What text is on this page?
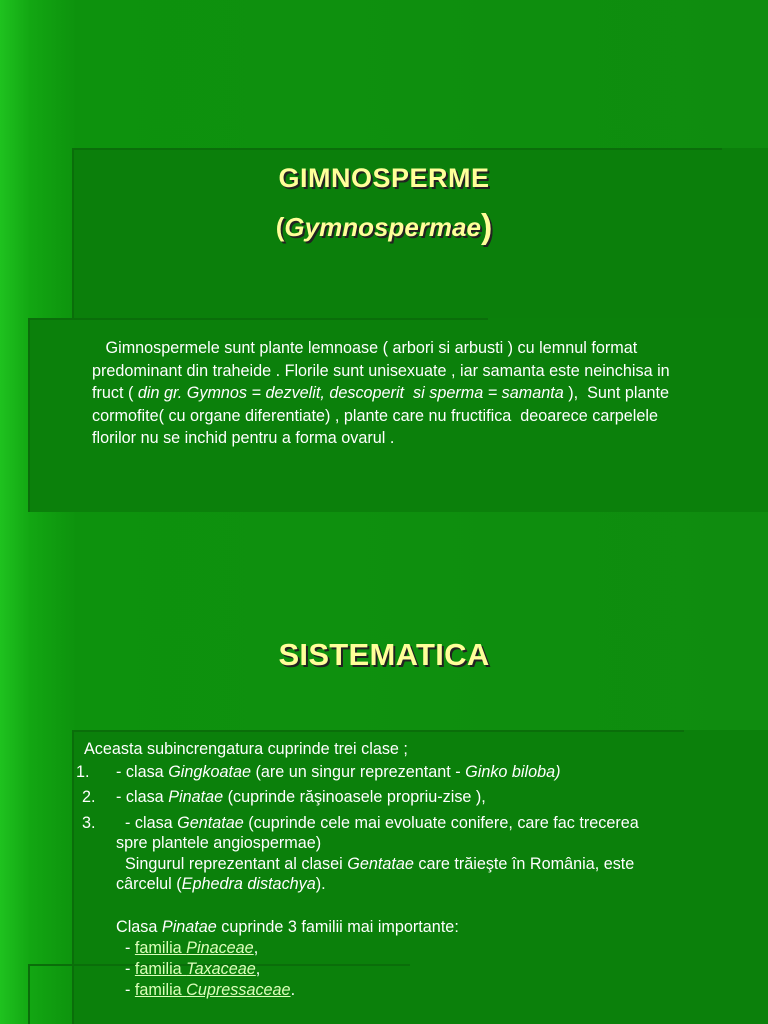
GIMNOSPERME
(Gymnospermae)
Gimnospermele sunt plante lemnoase ( arbori si arbusti ) cu lemnul format predominant din traheide . Florile sunt unisexuate , iar samanta este neinchisa in fruct ( din gr. Gymnos = dezvelit, descoperit  si sperma = samanta ),  Sunt plante cormofite( cu organe diferentiate) , plante care nu fructifica  deoarece carpelele florilor nu se inchid pentru a forma ovarul .
SISTEMATICA
Aceasta subincrengatura cuprinde trei clase ;
1. - clasa Gingkoatae (are un singur reprezentant - Ginko biloba)
2. - clasa Pinatae (cuprinde răşinoasele propriu-zise ),
3. - clasa Gentatae (cuprinde cele mai evoluate conifere, care fac trecerea
spre plantele angiospermae)
Singurul reprezentant al clasei Gentatae care trăieşte în România, este
cârcelul (Ephedra distachya).
Clasa Pinatae cuprinde 3 familii mai importante:
- familia Pinaceae,
- familia Taxaceae,
- familia Cupressaceae.
